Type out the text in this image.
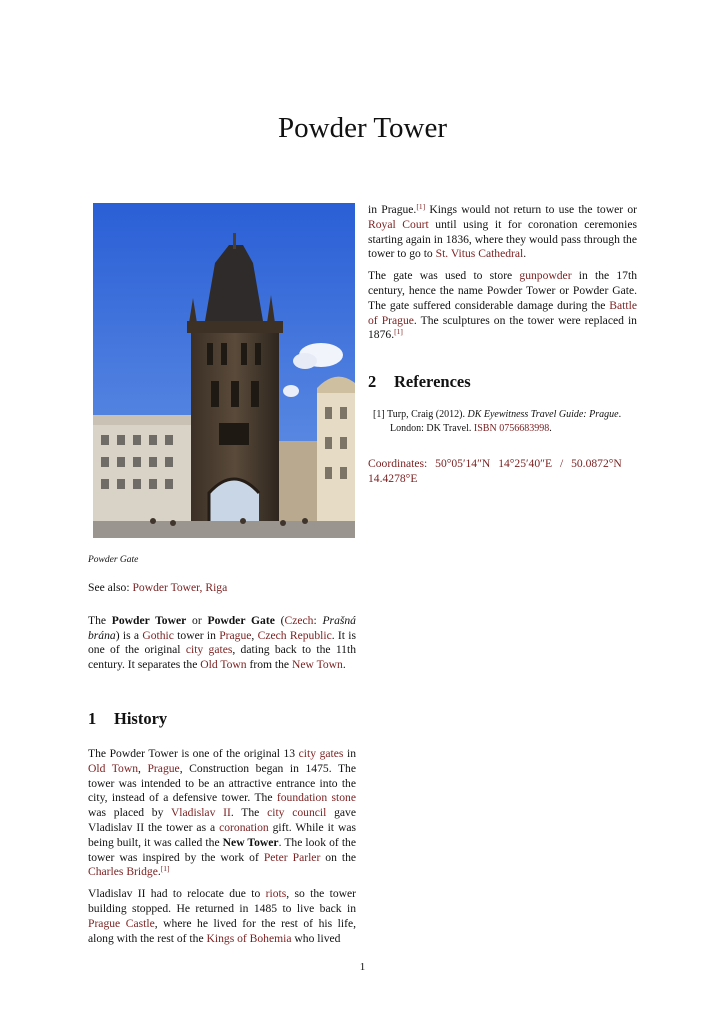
Powder Tower
Powder Gate

See also: Powder Tower, Riga

The Powder Tower or Powder Gate (Czech: Prašná brána) is a Gothic tower in Prague, Czech Republic. It is one of the original city gates, dating back to the 11th century. It separates the Old Town from the New Town.

1 History

The Powder Tower is one of the original 13 city gates in Old Town, Prague, Construction began in 1475. The tower was intended to be an attractive entrance into the city, instead of a defensive tower. The foundation stone was placed by Vladislav II. The city council gave Vladislav II the tower as a coronation gift. While it was being built, it was called the New Tower. The look of the tower was inspired by the work of Peter Parler on the Charles Bridge.[1]

Vladislav II had to relocate due to riots, so the tower building stopped. He returned in 1485 to live back in Prague Castle, where he lived for the rest of his life, along with the rest of the Kings of Bohemia who lived

in Prague.[1] Kings would not return to use the tower or Royal Court until using it for coronation ceremonies starting again in 1836, where they would pass through the tower to go to St. Vitus Cathedral.

The gate was used to store gunpowder in the 17th century, hence the name Powder Tower or Powder Gate. The gate suffered considerable damage during the Battle of Prague. The sculptures on the tower were replaced in 1876.[1]

2 References

[1] Turp, Craig (2012). DK Eyewitness Travel Guide: Prague. London: DK Travel. ISBN 0756683998.

Coordinates: 50°05′14″N 14°25′40″E / 50.0872°N 14.4278°E

1
